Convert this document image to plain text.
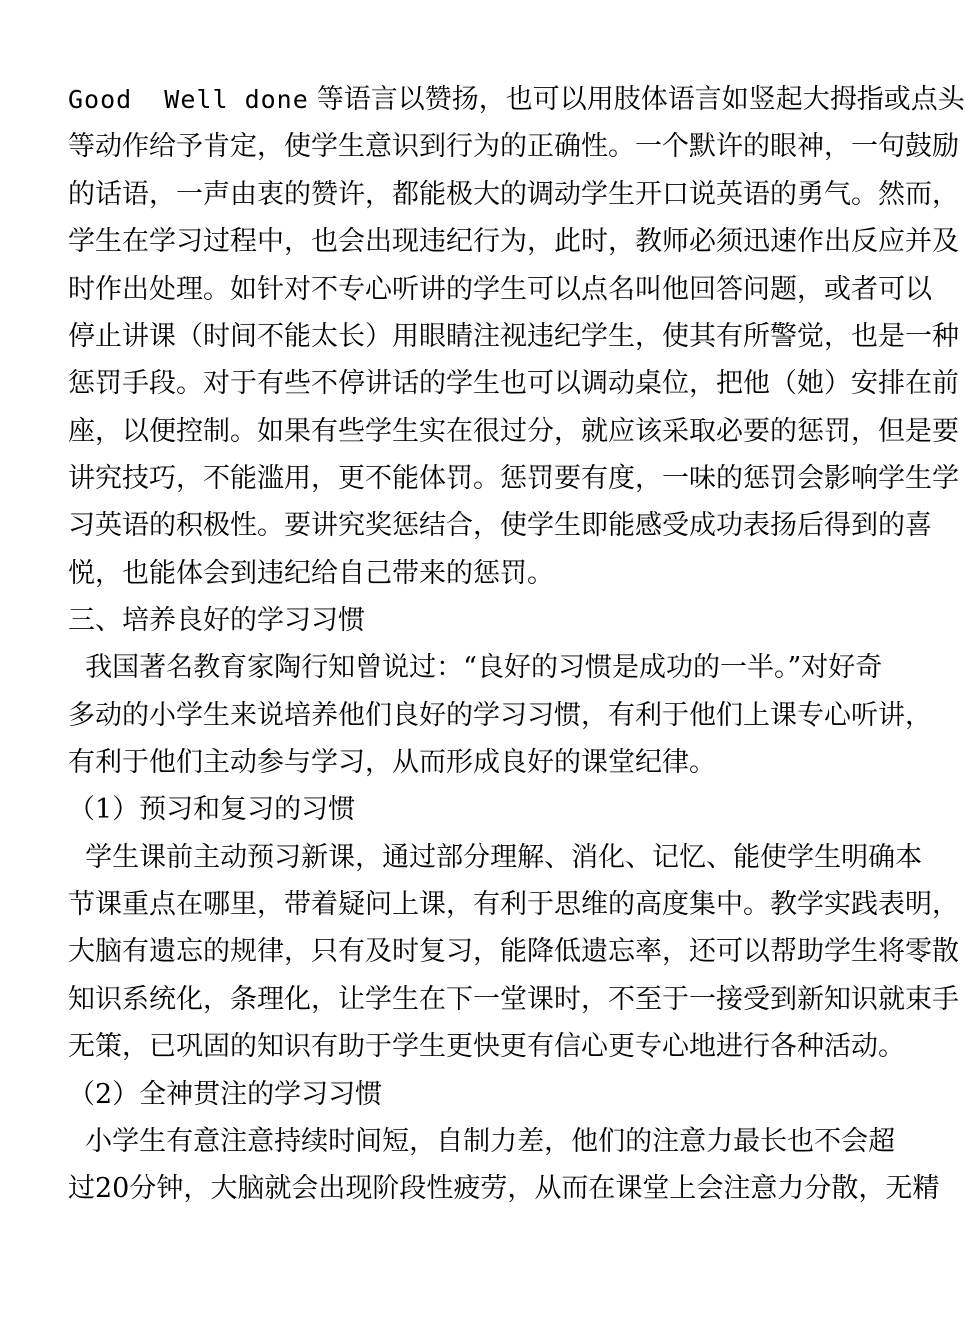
Good  Well done 等语言以赞扬，也可以用肢体语言如竖起大拇指或点头
等动作给予肯定，使学生意识到行为的正确性。一个默许的眼神，一句鼓励
的话语，一声由衷的赞许，都能极大的调动学生开口说英语的勇气。然而，
学生在学习过程中，也会出现违纪行为，此时，教师必须迅速作出反应并及
时作出处理。如针对不专心听讲的学生可以点名叫他回答问题，或者可以
停止讲课（时间不能太长）用眼睛注视违纪学生，使其有所警觉，也是一种
惩罚手段。对于有些不停讲话的学生也可以调动桌位，把他（她）安排在前
座，以便控制。如果有些学生实在很过分，就应该采取必要的惩罚，但是要
讲究技巧，不能滥用，更不能体罚。惩罚要有度，一味的惩罚会影响学生学
习英语的积极性。要讲究奖惩结合，使学生即能感受成功表扬后得到的喜
悦，也能体会到违纪给自己带来的惩罚。
三、培养良好的学习习惯
我国著名教育家陶行知曾说过：“良好的习惯是成功的一半。”对好奇
多动的小学生来说培养他们良好的学习习惯，有利于他们上课专心听讲，
有利于他们主动参与学习，从而形成良好的课堂纪律。
（1）预习和复习的习惯
学生课前主动预习新课，通过部分理解、消化、记忆、能使学生明确本
节课重点在哪里，带着疑问上课，有利于思维的高度集中。教学实践表明，
大脑有遗忘的规律，只有及时复习，能降低遗忘率，还可以帮助学生将零散
知识系统化，条理化，让学生在下一堂课时，不至于一接受到新知识就束手
无策，已巩固的知识有助于学生更快更有信心更专心地进行各种活动。
（2）全神贯注的学习习惯
小学生有意注意持续时间短，自制力差，他们的注意力最长也不会超
过20分钟，大脑就会出现阶段性疲劳，从而在课堂上会注意力分散，无精
